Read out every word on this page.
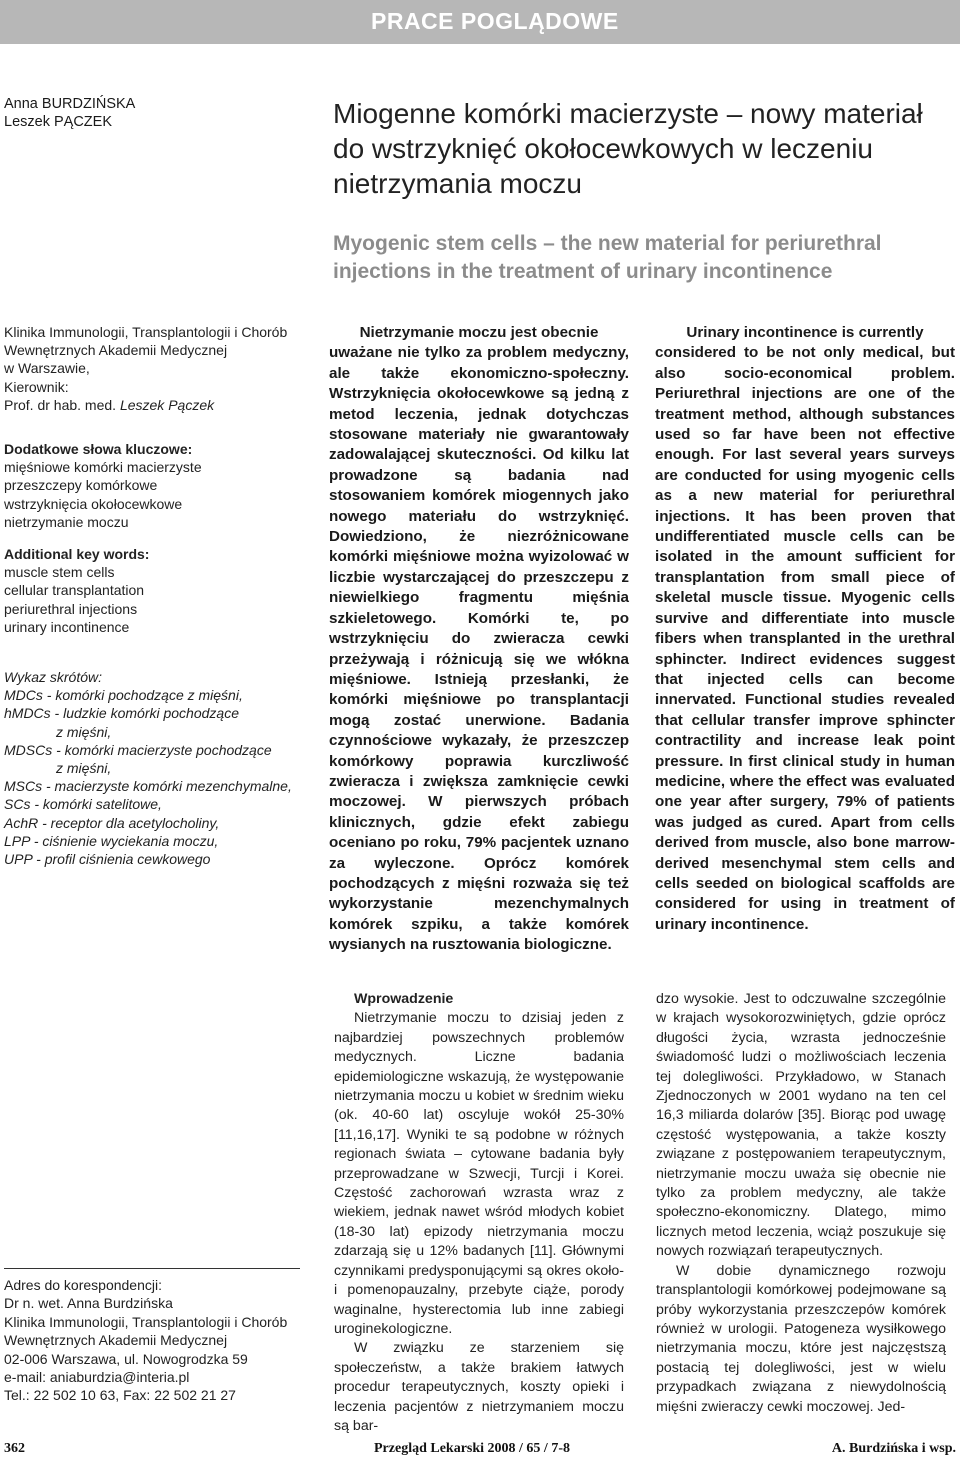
PRACE POGLĄDOWE
Anna BURDZIŃSKA
Leszek PĄCZEK	Miogenne komórki macierzyste – nowy materiał do wstrzyknięć okołocewkowych w leczeniu nietrzymania moczu
Myogenic stem cells – the new material for periurethral injections in the treatment of urinary incontinence
Klinika Immunologii, Transplantologii i Chorób
Wewnętrznych Akademii Medycznej
w Warszawie,
Kierownik:
Prof. dr hab. med. Leszek Pączek
Dodatkowe słowa kluczowe:
mięśniowe komórki macierzyste
przeszczepy komórkowe
wstrzyknięcia okołocewkowe
nietrzymanie moczu
Additional key words:
muscle stem cells
cellular transplantation
periurethral injections
urinary incontinence
Wykaz skrótów:
MDCs - komórki pochodzące z mięśni,
hMDCs - ludzkie komórki pochodzące
z mięśni,
MDSCs - komórki macierzyste pochodzące
z mięśni,
MSCs - macierzyste komórki mezenchymalne,
SCs - komórki satelitowe,
AchR - receptor dla acetylocholiny,
LPP - ciśnienie wyciekania moczu,
UPP - profil ciśnienia cewkowego
Nietrzymanie moczu jest obecnie
uważane nie tylko za problem medyczny, ale także ekonomiczno-społeczny. Wstrzyknięcia okołocewkowe są jedną z metod leczenia, jednak dotychczas stosowane materiały nie gwarantowały zadowalającej skuteczności. Od kilku lat prowadzone są badania nad stosowaniem komórek miogennych jako nowego materiału do wstrzyknięć. Dowiedziono, że niezróżnicowane komórki mięśniowe można wyizolować w liczbie wystarczającej do przeszczepu z niewielkiego fragmentu mięśnia szkieletowego. Komórki te, po wstrzyknięciu do zwieracza cewki przeżywają i różnicują się we włókna mięśniowe. Istnieją przesłanki, że komórki mięśniowe po transplantacji mogą zostać unerwione. Badania czynnościowe wykazały, że przeszczep komórkowy poprawia kurczliwość zwieracza i zwiększa zamknięcie cewki moczowej. W pierwszych próbach klinicznych, gdzie efekt zabiegu oceniano po roku, 79% pacjentek uznano za wyleczone. Oprócz komórek pochodzących z mięśni rozważa się też wykorzystanie mezenchymalnych komórek szpiku, a także komórek wysianych na rusztowania biologiczne.
Urinary incontinence is currently
considered to be not only medical, but also socio-economical problem. Periurethral injections are one of the treatment method, although substances used so far have been not effective enough. For last several years surveys are conducted for using myogenic cells as a new material for periurethral injections. It has been proven that undifferentiated muscle cells can be isolated in the amount sufficient for transplantation from small piece of skeletal muscle tissue. Myogenic cells survive and differentiate into muscle fibers when transplanted in the urethral sphincter. Indirect evidences suggest that injected cells can become innervated. Functional studies revealed that cellular transfer improve sphincter contractility and increase leak point pressure. In first clinical study in human medicine, where the effect was evaluated one year after surgery, 79% of patients was judged as cured. Apart from cells derived from muscle, also bone marrow-derived mesenchymal stem cells and cells seeded on biological scaffolds are considered for using in treatment of urinary incontinence.
Wprowadzenie

Nietrzymanie moczu to dzisiaj jeden z najbardziej powszechnych problemów medycznych. Liczne badania epidemiologiczne wskazują, że występowanie nietrzymania moczu u kobiet w średnim wieku (ok. 40-60 lat) oscyluje wokół 25-30% [11,16,17]. Wyniki te są podobne w różnych regionach świata – cytowane badania były przeprowadzane w Szwecji, Turcji i Korei. Częstość zachorowań wzrasta wraz z wiekiem, jednak nawet wśród młodych kobiet (18-30 lat) epizody nietrzymania moczu zdarzają się u 12% badanych [11]. Głównymi czynnikami predysponującymi są okres około- i pomenopauzalny, przebyte ciąże, porody waginalne, hysterectomia lub inne zabiegi uroginekologiczne.

W związku ze starzeniem się społeczeństw, a także brakiem łatwych procedur terapeutycznych, koszty opieki i leczenia pacjentów z nietrzymaniem moczu są bar-

dzo wysokie. Jest to odczuwalne szczególnie w krajach wysokorozwiniętych, gdzie oprócz długości życia, wzrasta jednocześnie świadomość ludzi o możliwościach leczenia tej dolegliwości. Przykładowo, w Stanach Zjednoczonych w 2001 wydano na ten cel 16,3 miliarda dolarów [35]. Biorąc pod uwagę częstość występowania, a także koszty związane z postępowaniem terapeutycznym, nietrzymanie moczu uważa się obecnie nie tylko za problem medyczny, ale także społeczno-ekonomiczny. Dlatego, mimo licznych metod leczenia, wciąż poszukuje się nowych rozwiązań terapeutycznych.

W dobie dynamicznego rozwoju transplantologii komórkowej podejmowane są próby wykorzystania przeszczepów komórek również w urologii. Patogeneza wysiłkowego nietrzymania moczu, które jest najczęstszą postacią tej dolegliwości, jest w wielu przypadkach związana z niewydolnością mięśni zwieraczy cewki moczowej. Jed-

Adres do korespondencji:
Dr n. wet. Anna Burdzińska
Klinika Immunologii, Transplantologii i Chorób
Wewnętrznych Akademii Medycznej
02-006 Warszawa, ul. Nowogrodzka 59
e-mail: aniaburdzia@interia.pl
Tel.: 22 502 10 63, Fax: 22 502 21 27
362	Przegląd Lekarski 2008 / 65 / 7-8	A. Burdzińska i wsp.
